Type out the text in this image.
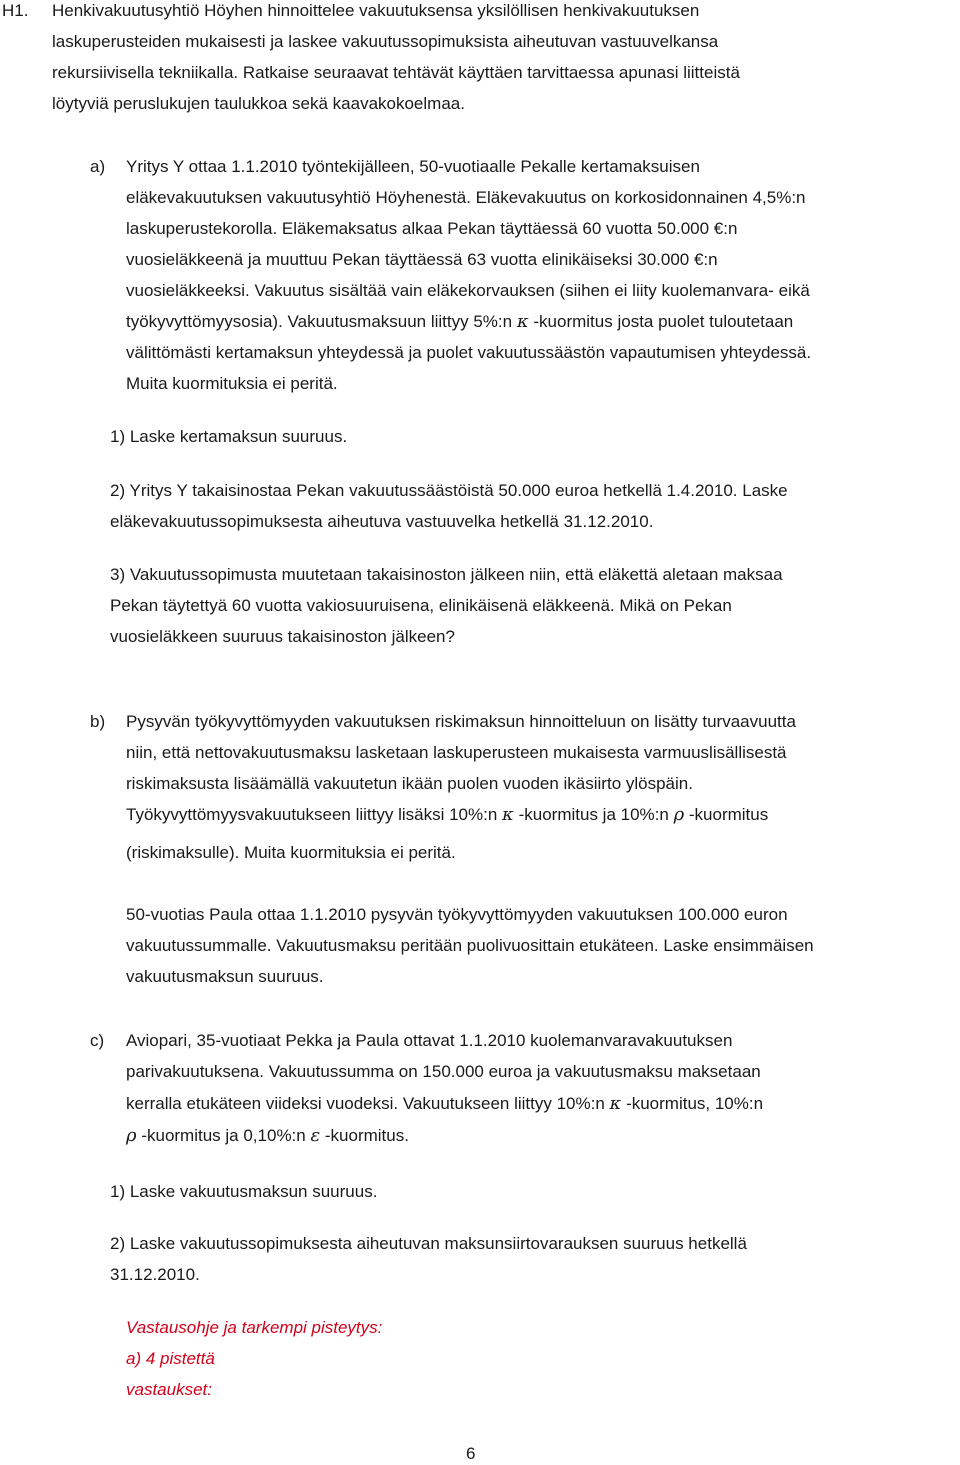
H1. Henkivakuutusyhtiö Höyhen hinnoittelee vakuutuksensa yksilöllisen henkivakuutuksen
laskuperusteiden mukaisesti ja laskee vakuutussopimuksista aiheutuvan vastuuvelkansa
rekursiivisella tekniikalla. Ratkaise seuraavat tehtävät käyttäen tarvittaessa apunasi liitteistä
löytyviä peruslukujen taulukkoa sekä kaavakokoelmaa.
a) Yritys Y ottaa 1.1.2010 työntekijälleen, 50-vuotiaalle Pekalle kertamaksuisen
eläkevakuutuksen vakuutusyhtiö Höyhenestä. Eläkevakuutus on korkosidonnainen 4,5%:n
laskuperustekorolla. Eläkemaksatus alkaa Pekan täyttäessä 60 vuotta 50.000 €:n
vuosieläkkeenä ja muuttuu Pekan täyttäessä 63 vuotta elinikäiseksi 30.000 €:n
vuosieläkkeeksi. Vakuutus sisältää vain eläkekorvauksen (siihen ei liity kuolemanvara- eikä
työkyvyttömyysosia). Vakuutusmaksuun liittyy 5%:n κ -kuormitus josta puolet tuloutetaan
välittömästi kertamaksun yhteydessä ja puolet vakuutussäästön vapautumisen yhteydessä.
Muita kuormituksia ei peritä.
1) Laske kertamaksun suuruus.
2) Yritys Y takaisinostaa Pekan vakuutussäästöistä 50.000 euroa hetkellä 1.4.2010. Laske
eläkevakuutussopimuksesta aiheutuva vastuuvelka hetkellä 31.12.2010.
3) Vakuutussopimusta muutetaan takaisinoston jälkeen niin, että eläkettä aletaan maksaa
Pekan täytettyä 60 vuotta vakiosuuruisena, elinikäisenä eläkkeenä. Mikä on Pekan
vuosieläkkeen suuruus takaisinoston jälkeen?
b) Pysyvän työkyvyttömyyden vakuutuksen riskimaksun hinnoitteluun on lisätty turvaavuutta
niin, että nettovakuutusmaksu lasketaan laskuperusteen mukaisesta varmuuslisällisestä
riskimaksusta lisäämällä vakuutetun ikään puolen vuoden ikäsiirto ylöspäin.
Työkyvyttömyysvakuutukseen liittyy lisäksi 10%:n κ -kuormitus ja 10%:n ρ -kuormitus
(riskimaksulle). Muita kuormituksia ei peritä.
50-vuotias Paula ottaa 1.1.2010 pysyvän työkyvyttömyyden vakuutuksen 100.000 euron
vakuutussummalle. Vakuutusmaksu peritään puolivuosittain etukäteen. Laske ensimmäisen
vakuutusmaksun suuruus.
c) Aviopari, 35-vuotiaat Pekka ja Paula ottavat 1.1.2010 kuolemanvaravakuutuksen
parivakuutuksena. Vakuutussumma on 150.000 euroa ja vakuutusmaksu maksetaan
kerralla etukäteen viideksi vuodeksi. Vakuutukseen liittyy 10%:n κ -kuormitus, 10%:n
ρ -kuormitus ja 0,10%:n ε -kuormitus.
1) Laske vakuutusmaksun suuruus.
2) Laske vakuutussopimuksesta aiheutuvan maksunsiirtovarauksen suuruus hetkellä
31.12.2010.
Vastausohje ja tarkempi pisteytys:
a) 4 pistettä
vastaukset:
6
